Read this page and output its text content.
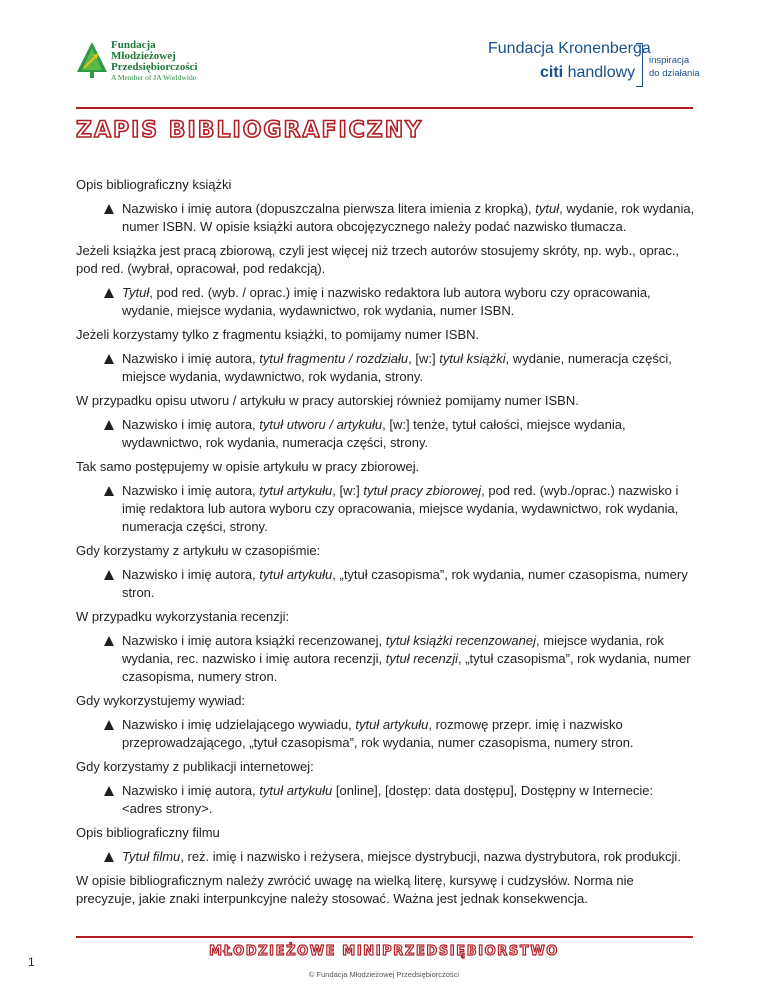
Fundacja
Młodzieżowej
Przedsiębiorczości
A Member of JA Worldwide
Fundacja Kronenberga
citi handlowy
inspiracja
do działania
ZAPIS BIBLIOGRAFICZNY
Opis bibliograficzny książki
Nazwisko i imię autora (dopuszczalna pierwsza litera imienia z kropką), tytuł, wydanie, rok wydania, numer ISBN. W opisie książki autora obcojęzycznego należy podać nazwisko tłumacza.
Jeżeli książka jest pracą zbiorową, czyli jest więcej niż trzech autorów stosujemy skróty, np. wyb., oprac., pod red. (wybrał, opracował, pod redakcją).
Tytuł, pod red. (wyb. / oprac.) imię i nazwisko redaktora lub autora wyboru czy opracowania, wydanie, miejsce wydania, wydawnictwo, rok wydania, numer ISBN.
Jeżeli korzystamy tylko z fragmentu książki, to pomijamy numer ISBN.
Nazwisko i imię autora, tytuł fragmentu / rozdziału, [w:] tytuł książki, wydanie, numeracja części, miejsce wydania, wydawnictwo, rok wydania, strony.
W przypadku opisu utworu / artykułu w pracy autorskiej również pomijamy numer ISBN.
Nazwisko i imię autora, tytuł utworu / artykułu, [w:] tenże, tytuł całości, miejsce wydania, wydawnictwo, rok wydania, numeracja części, strony.
Tak samo postępujemy w opisie artykułu w pracy zbiorowej.
Nazwisko i imię autora, tytuł artykułu, [w:] tytuł pracy zbiorowej, pod red. (wyb./oprac.) nazwisko i imię redaktora lub autora wyboru czy opracowania, miejsce wydania, wydawnictwo, rok wydania, numeracja części, strony.
Gdy korzystamy z artykułu w czasopiśmie:
Nazwisko i imię autora, tytuł artykułu, „tytuł czasopisma”, rok wydania, numer czasopisma, numery stron.
W przypadku wykorzystania recenzji:
Nazwisko i imię autora książki recenzowanej, tytuł książki recenzowanej, miejsce wydania, rok wydania, rec. nazwisko i imię autora recenzji, tytuł recenzji, „tytuł czasopisma”, rok wydania, numer czasopisma, numery stron.
Gdy wykorzystujemy wywiad:
Nazwisko i imię udzielającego wywiadu, tytuł artykułu, rozmowę przepr. imię i nazwisko przeprowadzającego, „tytuł czasopisma”, rok wydania, numer czasopisma, numery stron.
Gdy korzystamy z publikacji internetowej:
Nazwisko i imię autora, tytuł artykułu [online], [dostęp: data dostępu], Dostępny w Internecie: <adres strony>.
Opis bibliograficzny filmu
Tytuł filmu, reż. imię i nazwisko i reżysera, miejsce dystrybucji, nazwa dystrybutora, rok produkcji.
W opisie bibliograficznym należy zwrócić uwagę na wielką literę, kursywę i cudzysłów. Norma nie precyzuje, jakie znaki interpunkcyjne należy stosować. Ważna jest jednak konsekwencja.
1
MŁODZIEŻOWE MINIPRZEDSIĘBIORSTWO
© Fundacja Młodzieżowej Przedsiębiorczości
